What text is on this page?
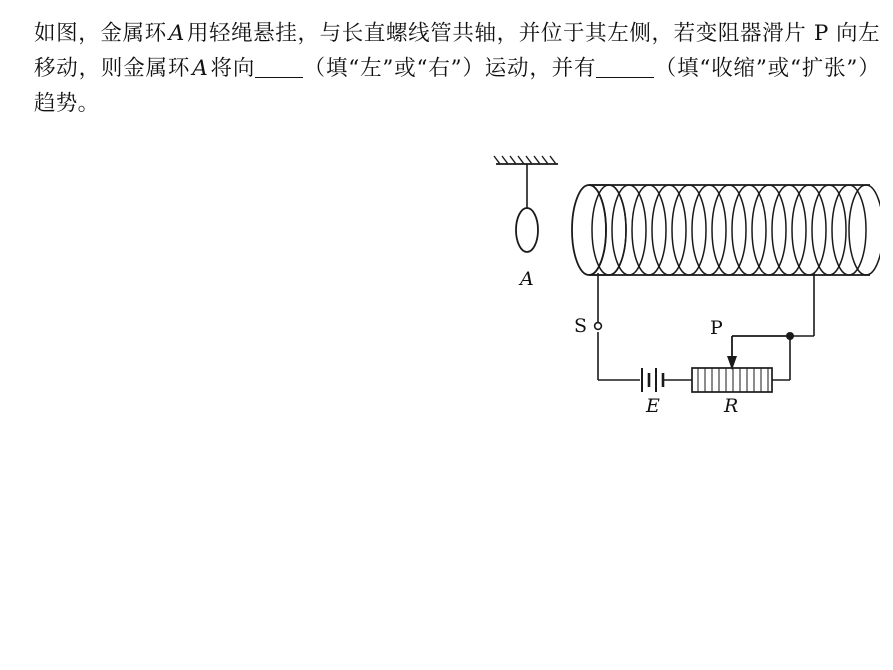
如图，金属环A用轻绳悬挂，与长直螺线管共轴，并位于其左侧，若变阻器滑片 P 向左移动，则金属环A将向 （填“左”或“右”）运动，并有	（填“收缩”或“扩张”）趋势。
A
S
E	R
P
